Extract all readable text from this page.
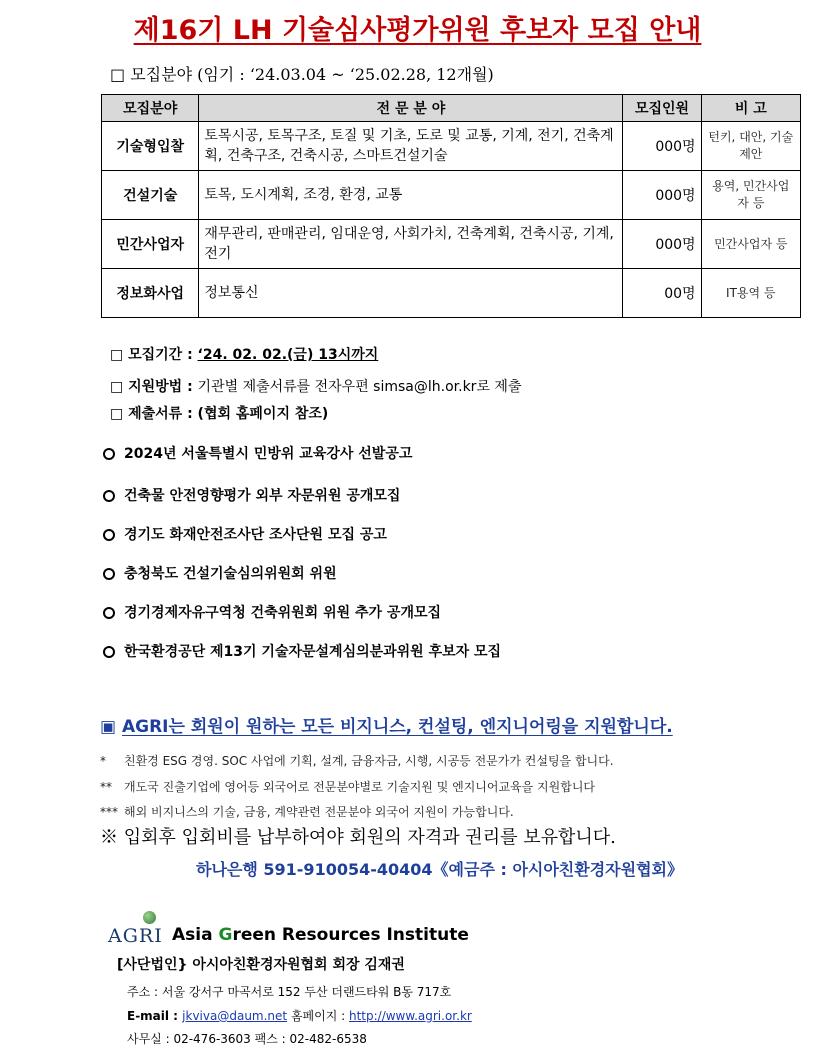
제16기 LH 기술심사평가위원 후보자 모집 안내
□ 모집분야 (임기 : ‘24.03.04 ~ ‘25.02.28, 12개월)
모집분야	전 문 분 야	모집인원	비 고
기술형입찰	토목시공, 토목구조, 토질 및 기초, 도로 및 교통, 기계, 전기, 건축계획, 건축구조, 건축시공, 스마트건설기술	000명	턴키, 대안, 기술제안
건설기술	토목, 도시계획, 조경, 환경, 교통	000명	용역, 민간사업자 등
민간사업자	재무관리, 판매관리, 임대운영, 사회가치, 건축계획, 건축시공, 기계, 전기	000명	민간사업자 등
정보화사업	정보통신	00명	IT용역 등
□ 모집기간 : ‘24. 02. 02.(금) 13시까지
□ 지원방법 : 기관별 제출서류를 전자우편 simsa@lh.or.kr로 제출
□ 제출서류 : (협회 홈페이지 참조)
2024년 서울특별시 민방위 교육강사 선발공고
건축물 안전영향평가 외부 자문위원 공개모집
경기도 화재안전조사단 조사단원 모집 공고
충청북도 건설기술심의위원회 위원
경기경제자유구역청 건축위원회 위원 추가 공개모집
한국환경공단 제13기 기술자문설계심의분과위원 후보자 모집
▣ AGRI는 회원이 원하는 모든 비지니스, 컨설팅, 엔지니어링을 지원합니다.
* 친환경 ESG 경영. SOC 사업에 기획, 설계, 금융자금, 시행, 시공등 전문가가 컨설팅을 합니다.
** 개도국 진출기업에 영어등 외국어로 전문분야별로 기술지원 및 엔지니어교육을 지원합니다
*** 해외 비지니스의 기술, 금융, 계약관련 전문분야 외국어 지원이 가능합니다.
※ 입회후 입회비를 납부하여야 회원의 자격과 권리를 보유합니다.
하나은행 591-910054-40404《예금주 : 아시아친환경자원협회》
AGRI Asia Green Resources Institute
[사단법인} 아시아친환경자원협회 회장 김재권
주소 : 서울 강서구 마곡서로 152 두산 더랜드타워 B동 717호
E-mail : jkviva@daum.net 홈페이지 : http://www.agri.or.kr
사무실 : 02-476-3603 팩스 : 02-482-6538
